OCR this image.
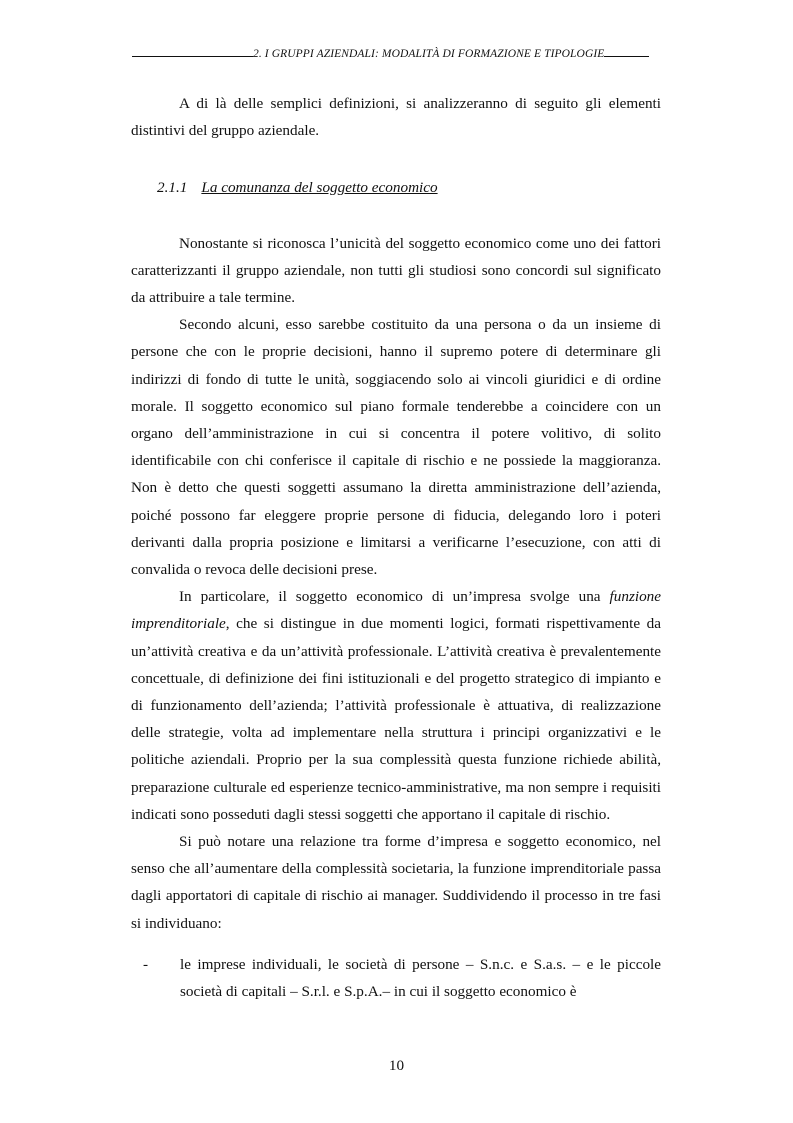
2. I GRUPPI AZIENDALI: MODALITÀ DI FORMAZIONE E TIPOLOGIE

A di là delle semplici definizioni, si analizzeranno di seguito gli elementi distintivi del gruppo aziendale.

2.1.1 La comunanza del soggetto economico

Nonostante si riconosca l’unicità del soggetto economico come uno dei fattori caratterizzanti il gruppo aziendale, non tutti gli studiosi sono concordi sul significato da attribuire a tale termine.

Secondo alcuni, esso sarebbe costituito da una persona o da un insieme di persone che con le proprie decisioni, hanno il supremo potere di determinare gli indirizzi di fondo di tutte le unità, soggiacendo solo ai vincoli giuridici e di ordine morale. Il soggetto economico sul piano formale tenderebbe a coincidere con un organo dell’amministrazione in cui si concentra il potere volitivo, di solito identificabile con chi conferisce il capitale di rischio e ne possiede la maggioranza. Non è detto che questi soggetti assumano la diretta amministrazione dell’azienda, poiché possono far eleggere proprie persone di fiducia, delegando loro i poteri derivanti dalla propria posizione e limitarsi a verificarne l’esecuzione, con atti di convalida o revoca delle decisioni prese.

In particolare, il soggetto economico di un’impresa svolge una funzione imprenditoriale, che si distingue in due momenti logici, formati rispettivamente da un’attività creativa e da un’attività professionale. L’attività creativa è prevalentemente concettuale, di definizione dei fini istituzionali e del progetto strategico di impianto e di funzionamento dell’azienda; l’attività professionale è attuativa, di realizzazione delle strategie, volta ad implementare nella struttura i principi organizzativi e le politiche aziendali. Proprio per la sua complessità questa funzione richiede abilità, preparazione culturale ed esperienze tecnico-amministrative, ma non sempre i requisiti indicati sono posseduti dagli stessi soggetti che apportano il capitale di rischio.

Si può notare una relazione tra forme d’impresa e soggetto economico, nel senso che all’aumentare della complessità societaria, la funzione imprenditoriale passa dagli apportatori di capitale di rischio ai manager. Suddividendo il processo in tre fasi si individuano:

- le imprese individuali, le società di persone – S.n.c. e S.a.s. – e le piccole società di capitali – S.r.l. e S.p.A.– in cui il soggetto economico è

10
